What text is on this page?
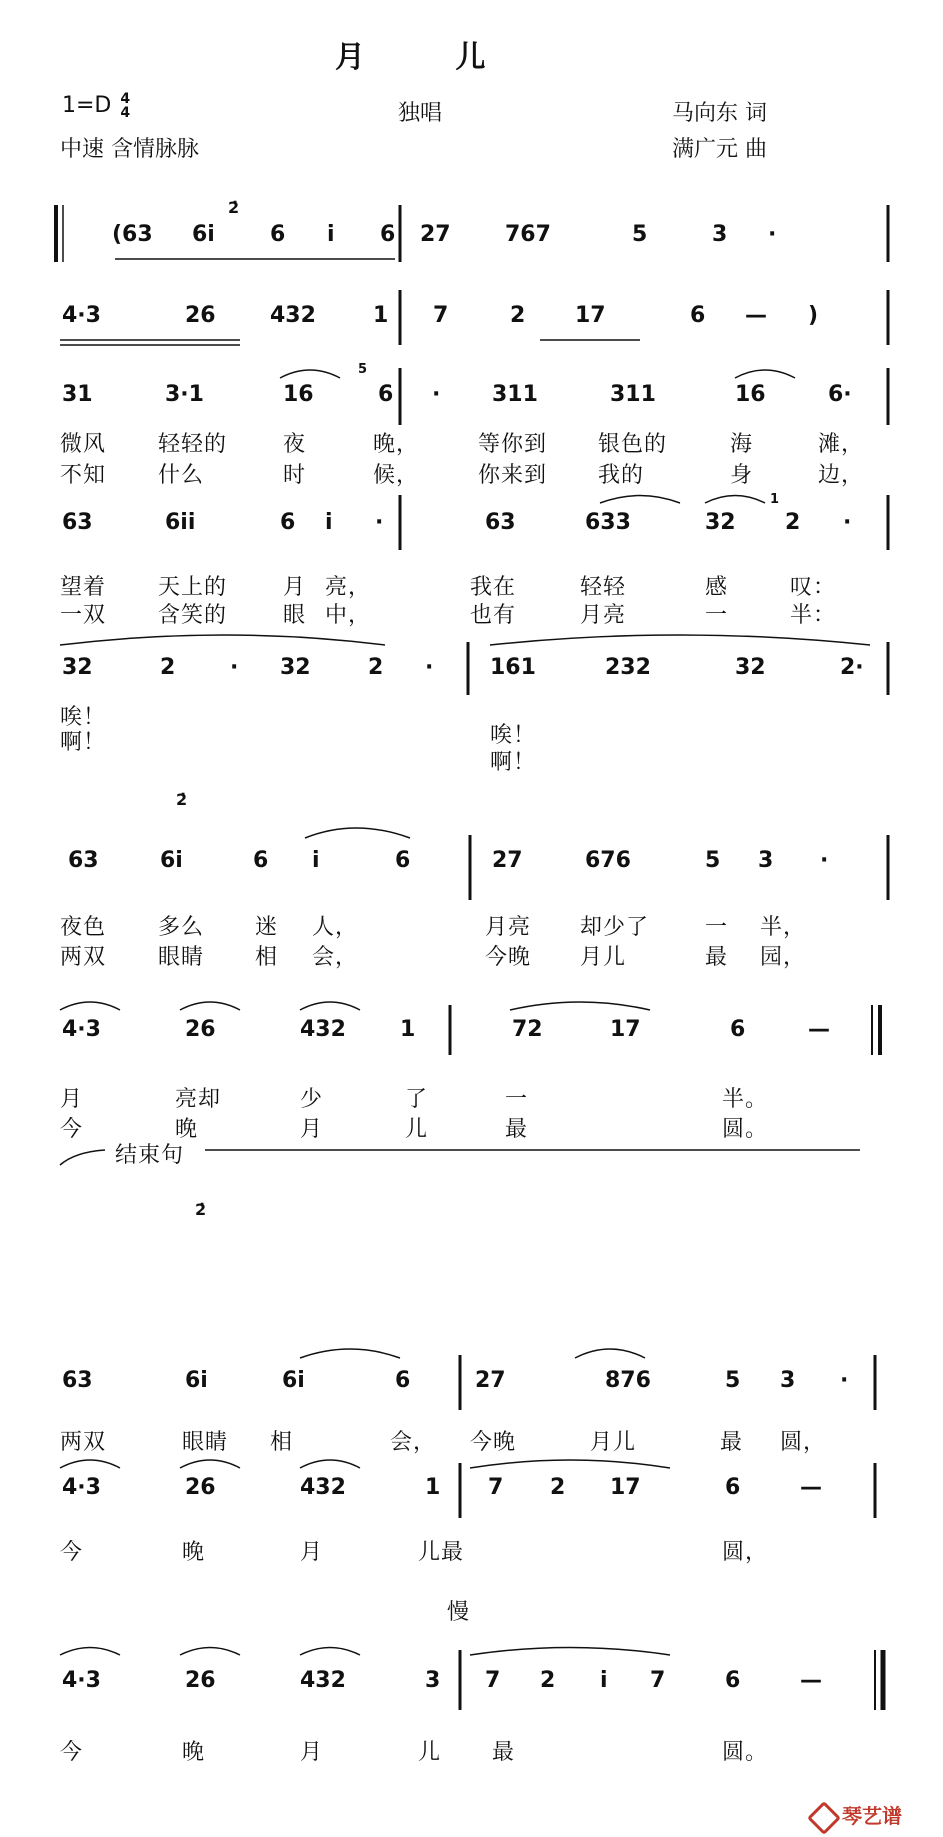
月 儿
1=D 4
4	独唱	马向东 词
中速 含情脉脉	满广元 曲
2̇
(63 6i	6 i 6 27 767	5	3 ·
4·3	26 432	1 7	2 17	6 — )
5
31	3·1	16	6 · 311	311	16	6·
微风 轻轻的	夜	晚，	等你到 银色的	海	滩，
不知 什么	时	候，	你来到 我的	身	边，
1
63	6ii	6 i ·	63	633	32 2 ·
望着 天上的	月 亮，	我在	轻轻	感	叹：
一双 含笑的	眼 中，	也有	月亮	一	半：
32	2 · 32	2 ·	161	232	32	2·
唉！
唉！
啊！
啊！
2̇
63	6i	6 i	6	27	676	5 3 ·
夜色 多么 迷 人，	月亮 却少了	一 半，
两双 眼睛 相 会，	今晚 月儿	最 园，
4·3	26	432 1	72	17	6	—
月	亮却	少	了	一	半。
今	晚	月	儿	最	圆。
结束句
2̇
63	6i	6i	6	27	876	5 3 ·
两双	眼睛 相	会， 今晚	月儿	最 圆，
4·3	26	432	1 7 2 17	6	—
今	晚	月	儿最	圆，
慢
4·3	26	432	3 7 2 i 7	6	—
今	晚	月	儿 最	圆。
琴艺谱
